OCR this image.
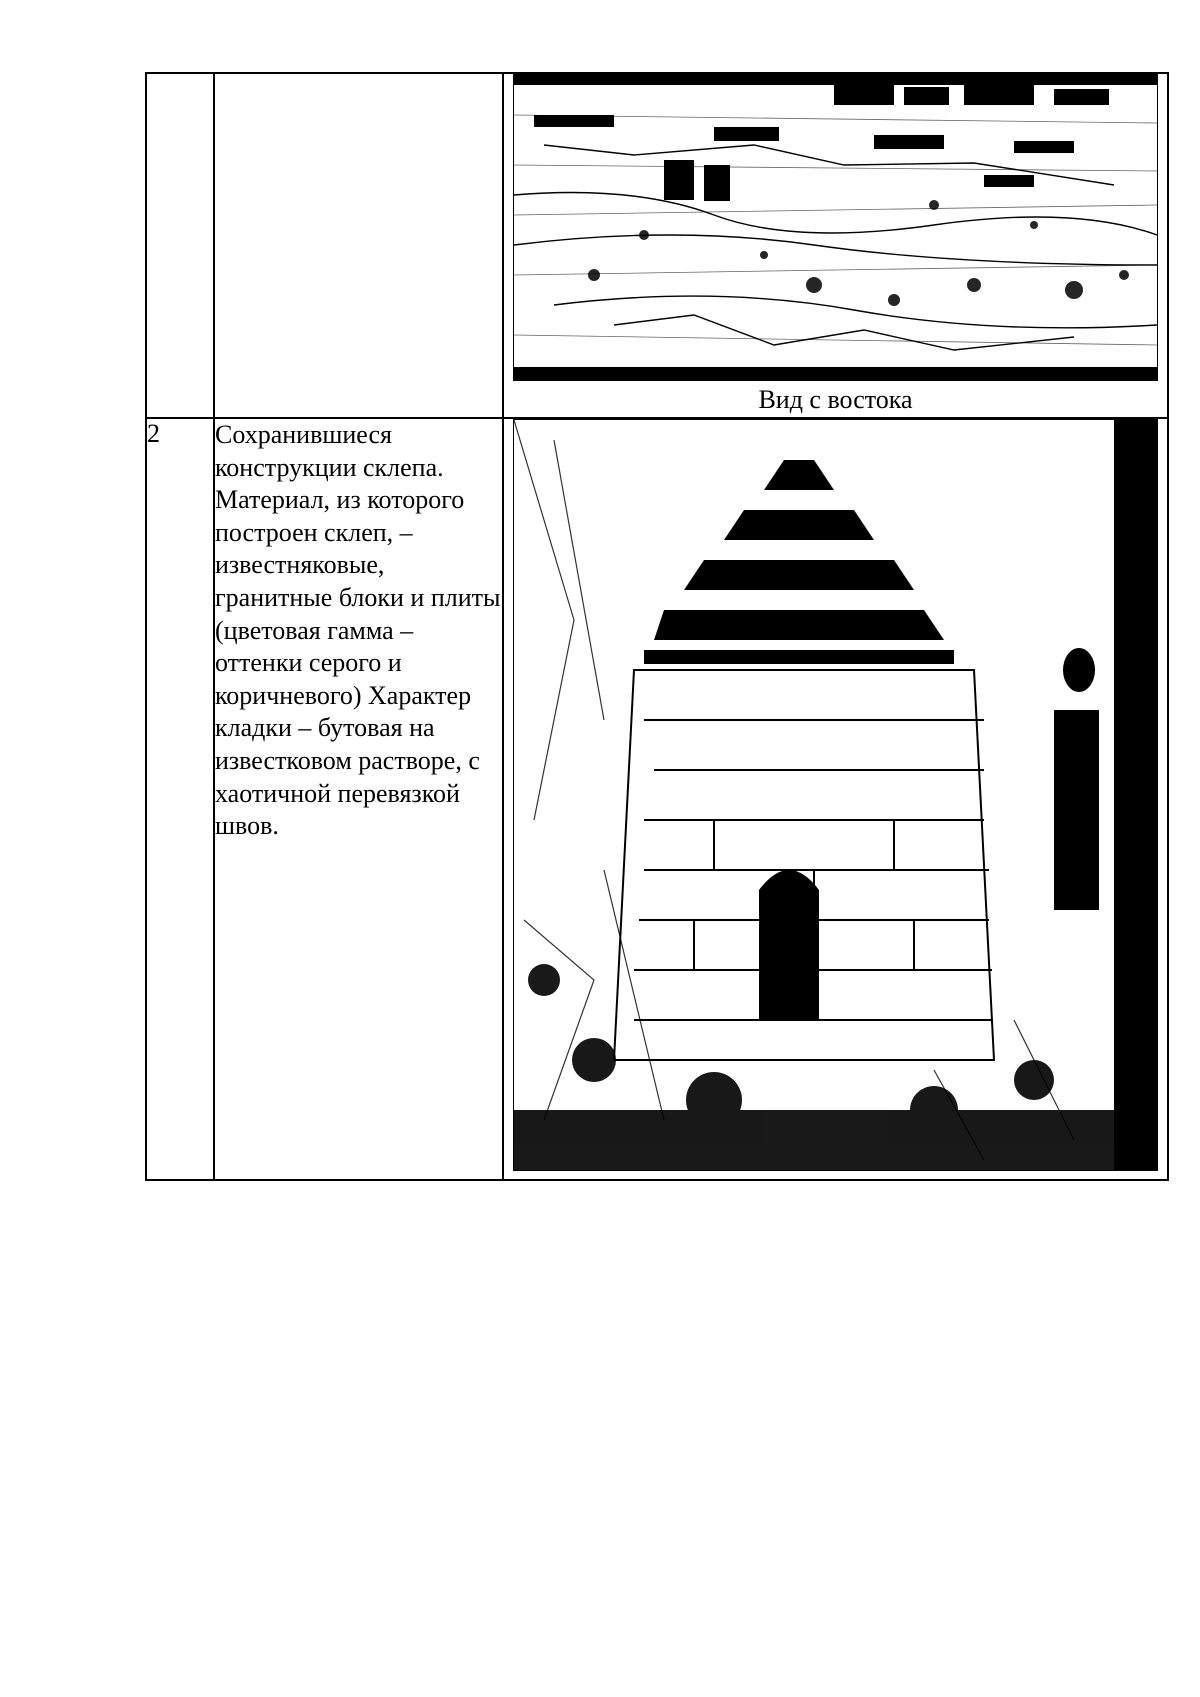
		Вид с востока

2	Сохранившиеся конструкции склепа. Материал, из которого построен склеп, – известняковые, гранитные блоки и плиты (цветовая гамма – оттенки серого и коричневого) Характер кладки – бутовая на известковом растворе, с хаотичной перевязкой швов.	
